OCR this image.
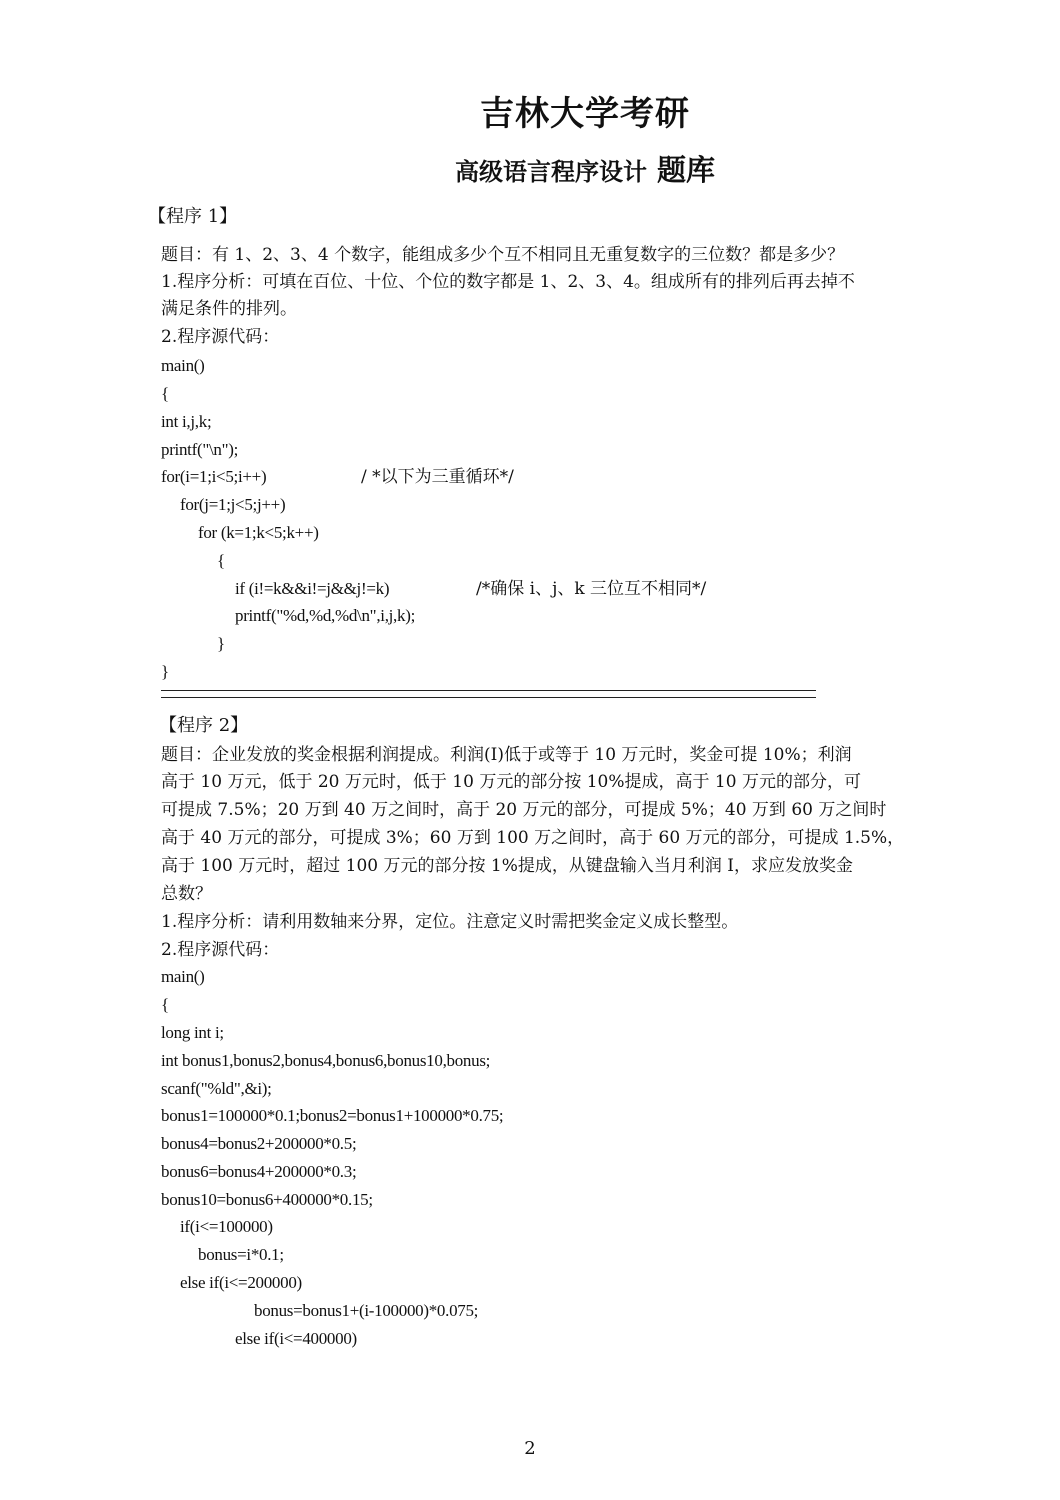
吉林大学考研
高级语言程序设计 题库
【程序 1】
题目：有 1、2、3、4 个数字，能组成多少个互不相同且无重复数字的三位数？都是多少？
1.程序分析：可填在百位、十位、个位的数字都是 1、2、3、4。组成所有的排列后再去掉不
满足条件的排列。
2.程序源代码：
main()
{
int i,j,k;
printf("\n");
for(i=1;i<5;i++)	/ *以下为三重循环*/
for(j=1;j<5;j++)
for (k=1;k<5;k++)
{
if (i!=k&&i!=j&&j!=k)	/*确保 i、j、k 三位互不相同*/
printf("%d,%d,%d\n",i,j,k);
}
}
【程序 2】
题目：企业发放的奖金根据利润提成。利润(I)低于或等于 10 万元时，奖金可提 10%；利润
高于 10 万元，低于 20 万元时，低于 10 万元的部分按 10%提成，高于 10 万元的部分，可
可提成 7.5%；20 万到 40 万之间时，高于 20 万元的部分，可提成 5%；40 万到 60 万之间时
高于 40 万元的部分，可提成 3%；60 万到 100 万之间时，高于 60 万元的部分，可提成 1.5%，
高于 100 万元时，超过 100 万元的部分按 1%提成，从键盘输入当月利润 I，求应发放奖金
总数？
1.程序分析：请利用数轴来分界，定位。注意定义时需把奖金定义成长整型。
2.程序源代码：
main()
{
long int i;
int bonus1,bonus2,bonus4,bonus6,bonus10,bonus;
scanf("%ld",&i);
bonus1=100000*0.1;bonus2=bonus1+100000*0.75;
bonus4=bonus2+200000*0.5;
bonus6=bonus4+200000*0.3;
bonus10=bonus6+400000*0.15;
if(i<=100000)
bonus=i*0.1;
else if(i<=200000)
bonus=bonus1+(i-100000)*0.075;
else if(i<=400000)
2
